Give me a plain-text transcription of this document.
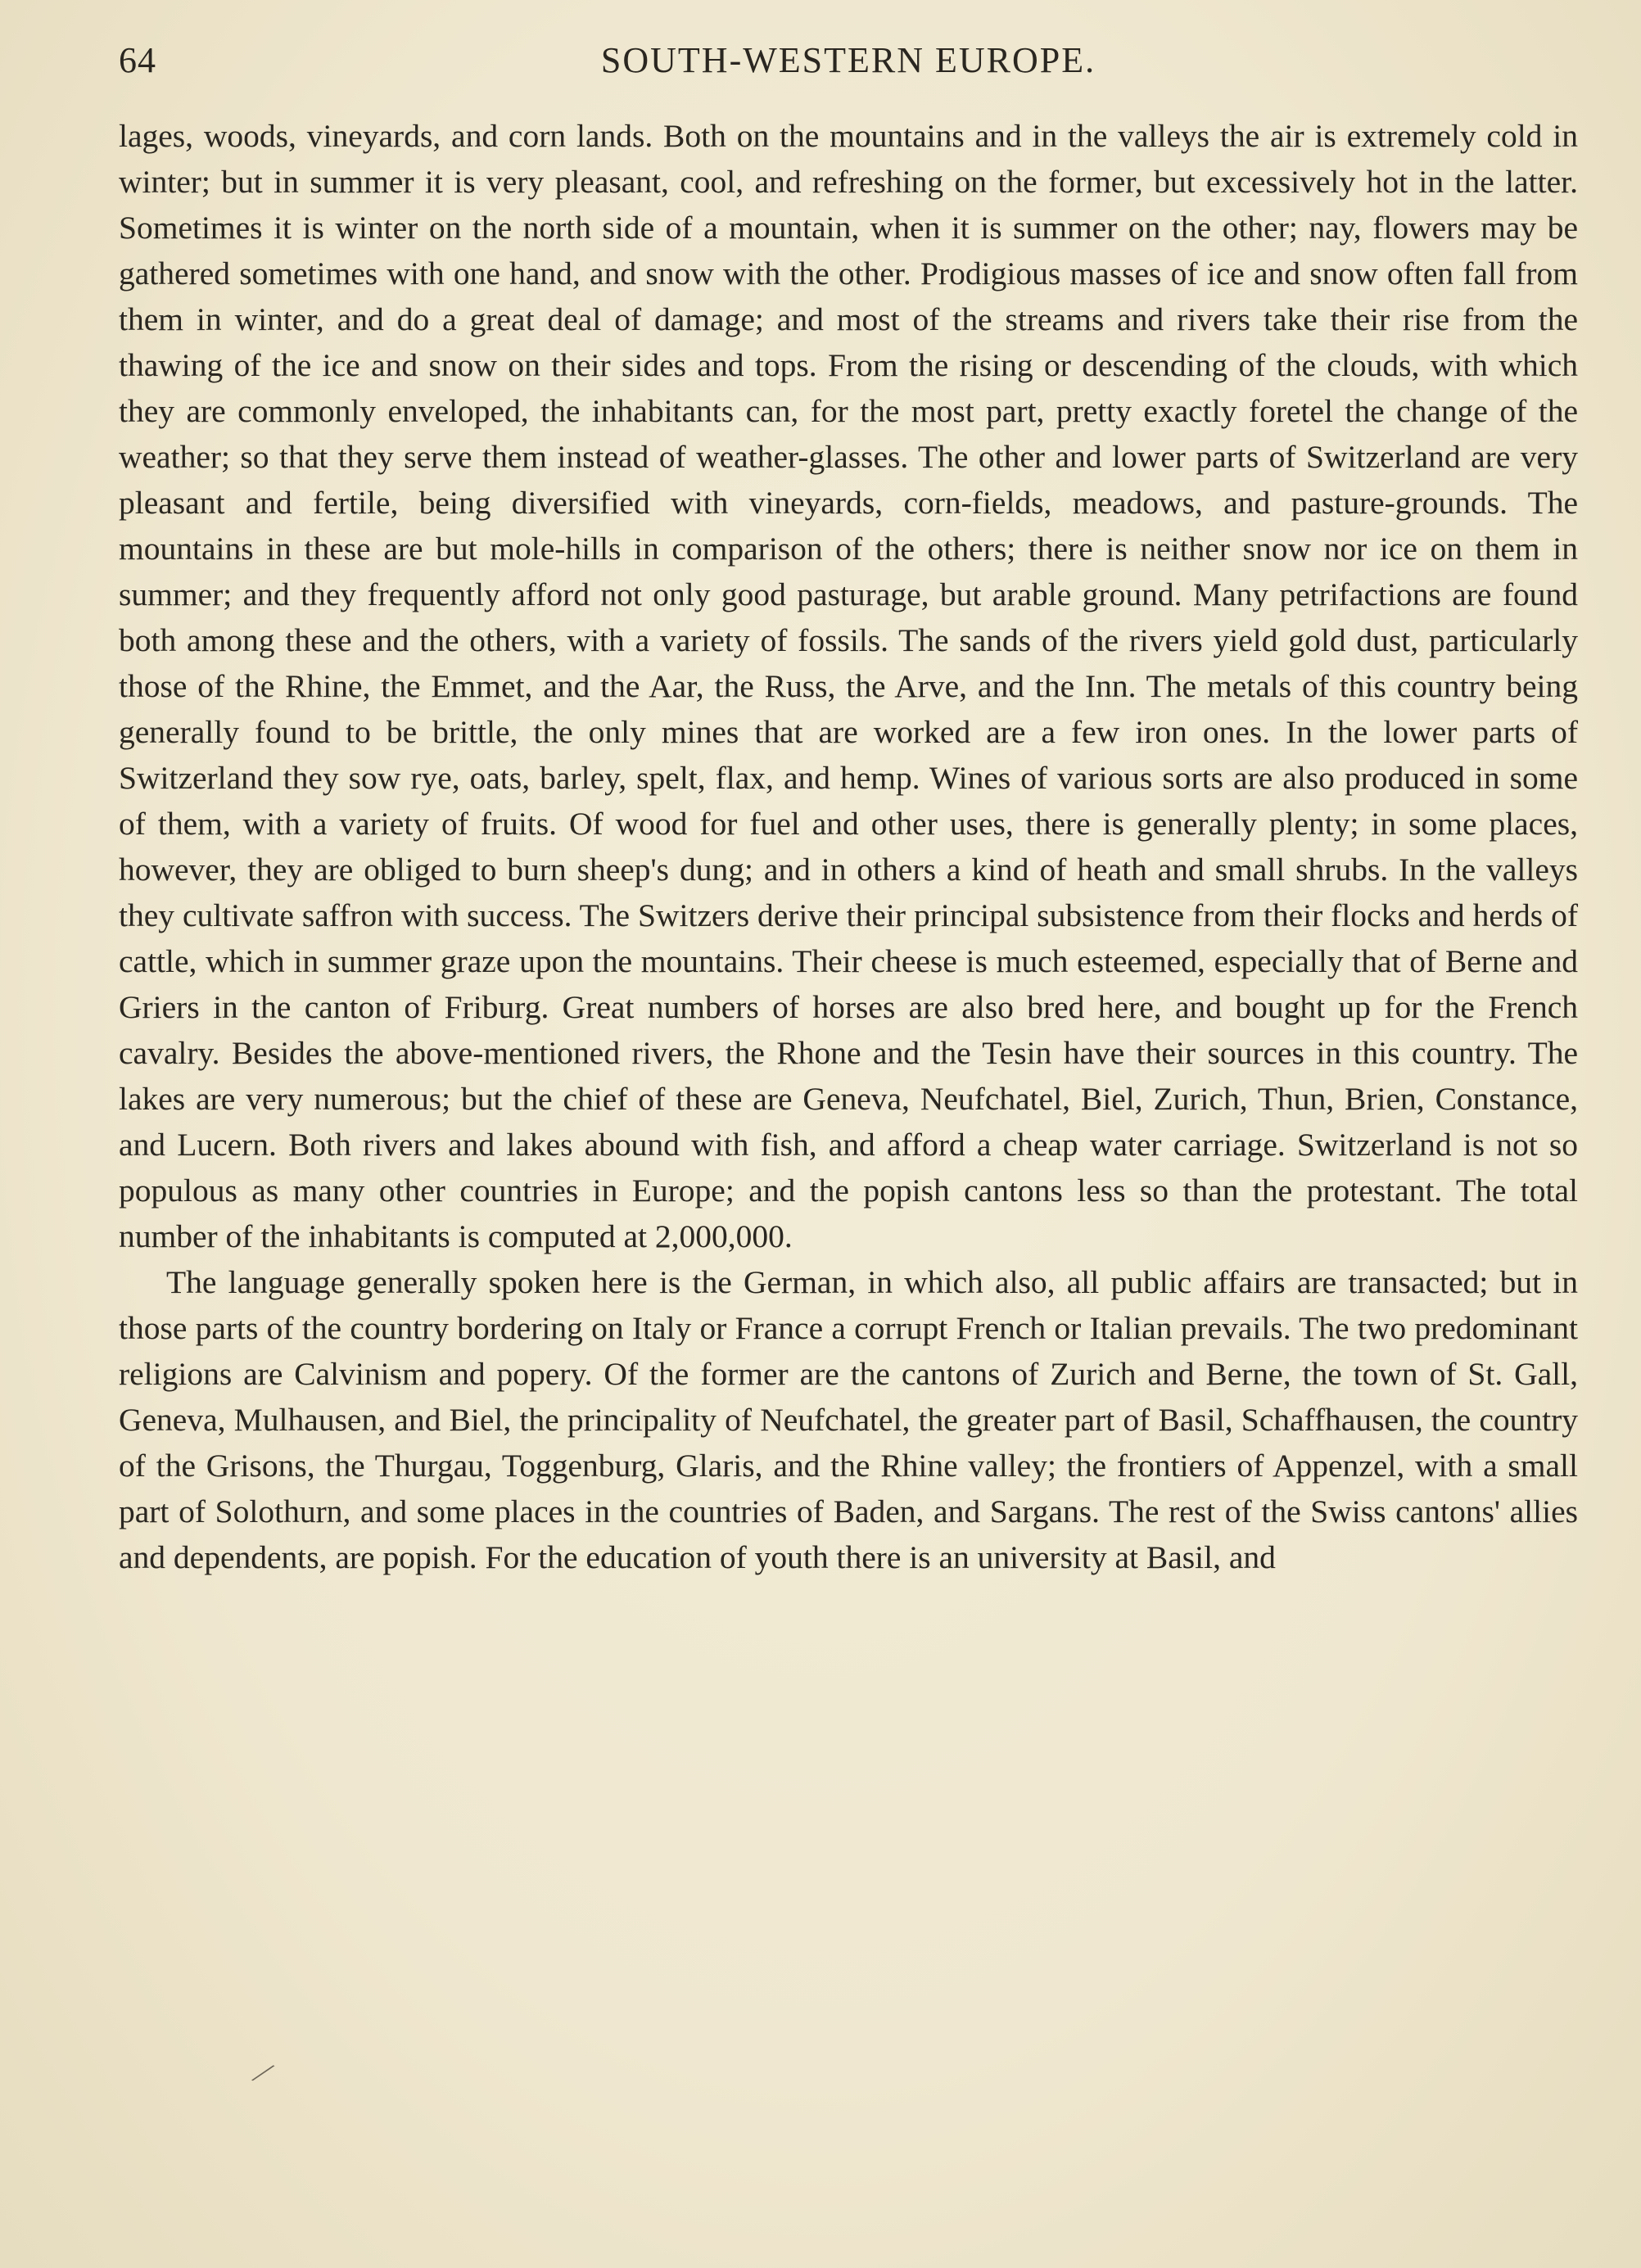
64	SOUTH-WESTERN EUROPE.

lages, woods, vineyards, and corn lands. Both on the mountains and in the valleys the air is extremely cold in winter; but in summer it is very pleasant, cool, and refreshing on the former, but excessively hot in the latter. Sometimes it is winter on the north side of a mountain, when it is summer on the other; nay, flowers may be gathered sometimes with one hand, and snow with the other. Prodigious masses of ice and snow often fall from them in winter, and do a great deal of damage; and most of the streams and rivers take their rise from the thawing of the ice and snow on their sides and tops. From the rising or descending of the clouds, with which they are commonly enveloped, the inhabitants can, for the most part, pretty exactly foretel the change of the weather; so that they serve them instead of weather-glasses. The other and lower parts of Switzerland are very pleasant and fertile, being diversified with vineyards, corn-fields, meadows, and pasture-grounds. The mountains in these are but mole-hills in comparison of the others; there is neither snow nor ice on them in summer; and they frequently afford not only good pasturage, but arable ground. Many petrifactions are found both among these and the others, with a variety of fossils. The sands of the rivers yield gold dust, particularly those of the Rhine, the Emmet, and the Aar, the Russ, the Arve, and the Inn. The metals of this country being generally found to be brittle, the only mines that are worked are a few iron ones. In the lower parts of Switzerland they sow rye, oats, barley, spelt, flax, and hemp. Wines of various sorts are also produced in some of them, with a variety of fruits. Of wood for fuel and other uses, there is generally plenty; in some places, however, they are obliged to burn sheep's dung; and in others a kind of heath and small shrubs. In the valleys they cultivate saffron with success. The Switzers derive their principal subsistence from their flocks and herds of cattle, which in summer graze upon the mountains. Their cheese is much esteemed, especially that of Berne and Griers in the canton of Friburg. Great numbers of horses are also bred here, and bought up for the French cavalry. Besides the above-mentioned rivers, the Rhone and the Tesin have their sources in this country. The lakes are very numerous; but the chief of these are Geneva, Neufchatel, Biel, Zurich, Thun, Brien, Constance, and Lucern. Both rivers and lakes abound with fish, and afford a cheap water carriage. Switzerland is not so populous as many other countries in Europe; and the popish cantons less so than the protestant. The total number of the inhabitants is computed at 2,000,000.

The language generally spoken here is the German, in which also, all public affairs are transacted; but in those parts of the country bordering on Italy or France a corrupt French or Italian prevails. The two predominant religions are Calvinism and popery. Of the former are the cantons of Zurich and Berne, the town of St. Gall, Geneva, Mulhausen, and Biel, the principality of Neufchatel, the greater part of Basil, Schaffhausen, the country of the Grisons, the Thurgau, Toggenburg, Glaris, and the Rhine valley; the frontiers of Appenzel, with a small part of Solothurn, and some places in the countries of Baden, and Sargans. The rest of the Swiss cantons' allies and dependents, are popish. For the education of youth there is an university at Basil, and

⁄
